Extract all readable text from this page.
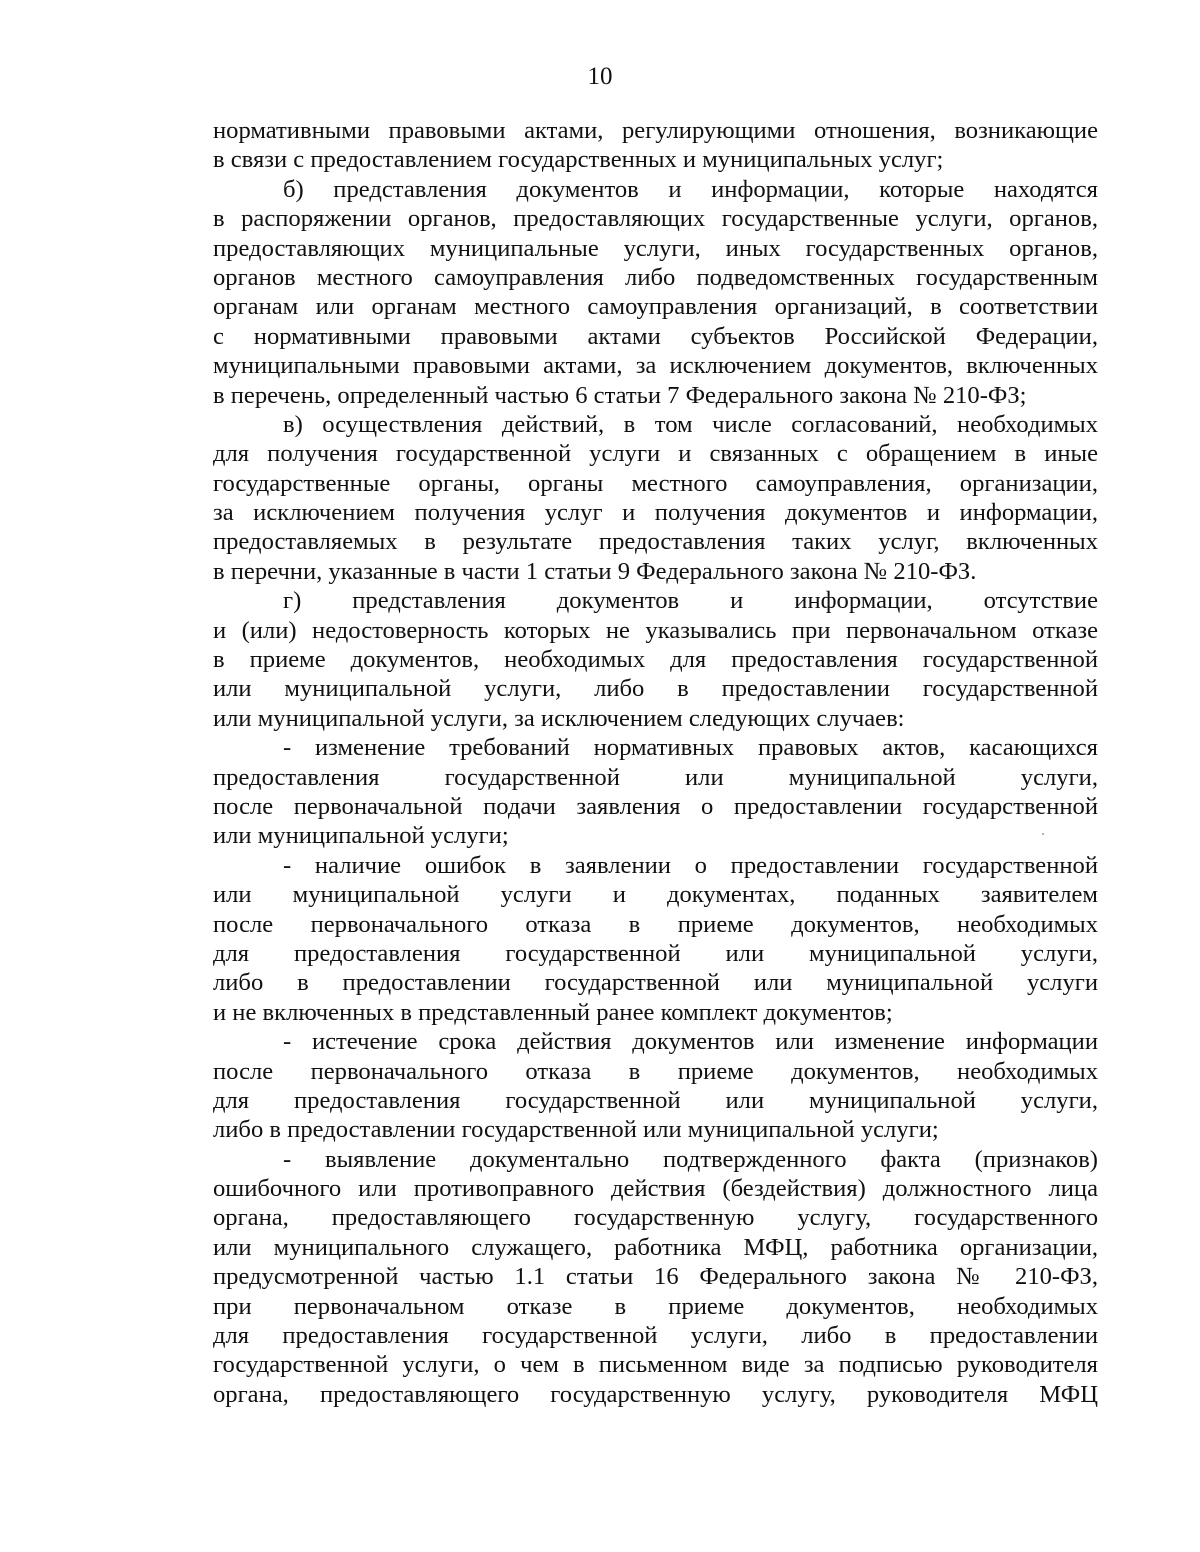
10
нормативными правовыми актами, регулирующими отношения, возникающие
в связи с предоставлением государственных и муниципальных услуг;
б) представления документов и информации, которые находятся
в распоряжении органов, предоставляющих государственные услуги, органов,
предоставляющих муниципальные услуги, иных государственных органов,
органов местного самоуправления либо подведомственных государственным
органам или органам местного самоуправления организаций, в соответствии
с нормативными правовыми актами субъектов Российской Федерации,
муниципальными правовыми актами, за исключением документов, включенных
в перечень, определенный частью 6 статьи 7 Федерального закона № 210-ФЗ;
в) осуществления действий, в том числе согласований, необходимых
для получения государственной услуги и связанных с обращением в иные
государственные органы, органы местного самоуправления, организации,
за исключением получения услуг и получения документов и информации,
предоставляемых в результате предоставления таких услуг, включенных
в перечни, указанные в части 1 статьи 9 Федерального закона № 210-ФЗ.
г) представления документов и информации, отсутствие
и (или) недостоверность которых не указывались при первоначальном отказе
в приеме документов, необходимых для предоставления государственной
или муниципальной услуги, либо в предоставлении государственной
или муниципальной услуги, за исключением следующих случаев:
- изменение требований нормативных правовых актов, касающихся
предоставления государственной или муниципальной услуги,
после первоначальной подачи заявления о предоставлении государственной
или муниципальной услуги;
- наличие ошибок в заявлении о предоставлении государственной
или муниципальной услуги и документах, поданных заявителем
после первоначального отказа в приеме документов, необходимых
для предоставления государственной или муниципальной услуги,
либо в предоставлении государственной или муниципальной услуги
и не включенных в представленный ранее комплект документов;
- истечение срока действия документов или изменение информации
после первоначального отказа в приеме документов, необходимых
для предоставления государственной или муниципальной услуги,
либо в предоставлении государственной или муниципальной услуги;
- выявление документально подтвержденного факта (признаков)
ошибочного или противоправного действия (бездействия) должностного лица
органа, предоставляющего государственную услугу, государственного
или муниципального служащего, работника МФЦ, работника организации,
предусмотренной частью 1.1 статьи 16 Федерального закона № 210-ФЗ,
при первоначальном отказе в приеме документов, необходимых
для предоставления государственной услуги, либо в предоставлении
государственной услуги, о чем в письменном виде за подписью руководителя
органа, предоставляющего государственную услугу, руководителя МФЦ
